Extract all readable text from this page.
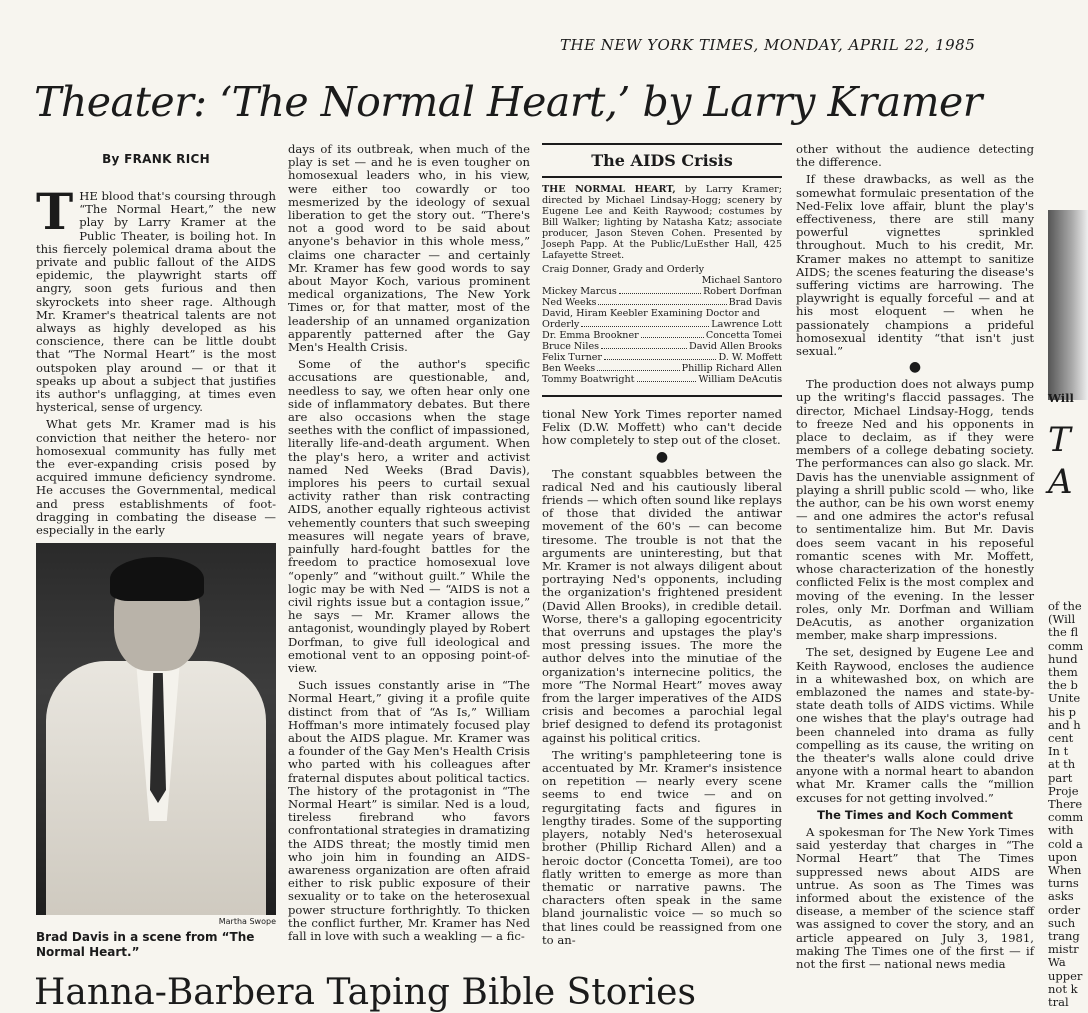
THE NEW YORK TIMES, MONDAY, APRIL 22, 1985
Theater: ‘The Normal Heart,’ by Larry Kramer
By FRANK RICH

THE blood that's coursing through “The Normal Heart,” the new play by Larry Kramer at the Public Theater, is boiling hot. In this fiercely polemical drama about the private and public fallout of the AIDS epidemic, the playwright starts off angry, soon gets furious and then skyrockets into sheer rage. Although Mr. Kramer's theatrical talents are not always as highly developed as his conscience, there can be little doubt that “The Normal Heart” is the most outspoken play around — or that it speaks up about a subject that justifies its author's unflagging, at times even hysterical, sense of urgency.

What gets Mr. Kramer mad is his conviction that neither the hetero- nor homosexual community has fully met the ever-expanding crisis posed by acquired immune deficiency syndrome. He accuses the Governmental, medical and press establishments of foot-dragging in combating the disease — especially in the early

Martha Swope
Brad Davis in a scene from “The Normal Heart.”

days of its outbreak, when much of the play is set — and he is even tougher on homosexual leaders who, in his view, were either too cowardly or too mesmerized by the ideology of sexual liberation to get the story out. “There's not a good word to be said about anyone's behavior in this whole mess,” claims one character — and certainly Mr. Kramer has few good words to say about Mayor Koch, various prominent medical organizations, The New York Times or, for that matter, most of the leadership of an unnamed organization apparently patterned after the Gay Men's Health Crisis.

Some of the author's specific accusations are questionable, and, needless to say, we often hear only one side of inflammatory debates. But there are also occasions when the stage seethes with the conflict of impassioned, literally life-and-death argument. When the play's hero, a writer and activist named Ned Weeks (Brad Davis), implores his peers to curtail sexual activity rather than risk contracting AIDS, another equally righteous activist vehemently counters that such sweeping measures will negate years of brave, painfully hard-fought battles for the freedom to practice homosexual love “openly” and “without guilt.” While the logic may be with Ned — “AIDS is not a civil rights issue but a contagion issue,” he says — Mr. Kramer allows the antagonist, woundingly played by Robert Dorfman, to give full ideological and emotional vent to an opposing point-of-view.

Such issues constantly arise in “The Normal Heart,” giving it a profile quite distinct from that of “As Is,” William Hoffman's more intimately focused play about the AIDS plague. Mr. Kramer was a founder of the Gay Men's Health Crisis who parted with his colleagues after fraternal disputes about political tactics. The history of the protagonist in “The Normal Heart” is similar. Ned is a loud, tireless firebrand who favors confrontational strategies in dramatizing the AIDS threat; the mostly timid men who join him in founding an AIDS-awareness organization are often afraid either to risk public exposure of their sexuality or to take on the heterosexual power structure forthrightly. To thicken the conflict further, Mr. Kramer has Ned fall in love with such a weakling — a fic-

The AIDS Crisis
THE NORMAL HEART, by Larry Kramer; directed by Michael Lindsay-Hogg; scenery by Eugene Lee and Keith Raywood; costumes by Bill Walker; lighting by Natasha Katz; associate producer, Jason Steven Cohen. Presented by Joseph Papp. At the Public/LuEsther Hall, 425 Lafayette Street.
Craig Donner, Grady and Orderly
Michael Santoro
Mickey Marcus	Robert Dorfman
Ned Weeks	Brad Davis
David, Hiram Keebler Examining Doctor and
Orderly	Lawrence Lott
Dr. Emma Brookner	Concetta Tomei
Bruce Niles	David Allen Brooks
Felix Turner	D. W. Moffett
Ben Weeks	Phillip Richard Allen
Tommy Boatwright	William DeAcutis

tional New York Times reporter named Felix (D.W. Moffett) who can't decide how completely to step out of the closet.

●

The constant squabbles between the radical Ned and his cautiously liberal friends — which often sound like replays of those that divided the antiwar movement of the 60's — can become tiresome. The trouble is not that the arguments are uninteresting, but that Mr. Kramer is not always diligent about portraying Ned's opponents, including the organization's frightened president (David Allen Brooks), in credible detail. Worse, there's a galloping egocentricity that overruns and upstages the play's most pressing issues. The more the author delves into the minutiae of the organization's internecine politics, the more “The Normal Heart” moves away from the larger imperatives of the AIDS crisis and becomes a parochial legal brief designed to defend its protagonist against his political critics.

The writing's pamphleteering tone is accentuated by Mr. Kramer's insistence on repetition — nearly every scene seems to end twice — and on regurgitating facts and figures in lengthy tirades. Some of the supporting players, notably Ned's heterosexual brother (Phillip Richard Allen) and a heroic doctor (Concetta Tomei), are too flatly written to emerge as more than thematic or narrative pawns. The characters often speak in the same bland journalistic voice — so much so that lines could be reassigned from one to an-

other without the audience detecting the difference.

If these drawbacks, as well as the somewhat formulaic presentation of the Ned-Felix love affair, blunt the play's effectiveness, there are still many powerful vignettes sprinkled throughout. Much to his credit, Mr. Kramer makes no attempt to sanitize AIDS; the scenes featuring the disease's suffering victims are harrowing. The playwright is equally forceful — and at his most eloquent — when he passionately champions a prideful homosexual identity “that isn't just sexual.”

●

The production does not always pump up the writing's flaccid passages. The director, Michael Lindsay-Hogg, tends to freeze Ned and his opponents in place to declaim, as if they were members of a college debating society. The performances can also go slack. Mr. Davis has the unenviable assignment of playing a shrill public scold — who, like the author, can be his own worst enemy — and one admires the actor's refusal to sentimentalize him. But Mr. Davis does seem vacant in his reposeful romantic scenes with Mr. Moffett, whose characterization of the honestly conflicted Felix is the most complex and moving of the evening. In the lesser roles, only Mr. Dorfman and William DeAcutis, as another organization member, make sharp impressions.

The set, designed by Eugene Lee and Keith Raywood, encloses the audience in a whitewashed box, on which are emblazoned the names and state-by-state death tolls of AIDS victims. While one wishes that the play's outrage had been channeled into drama as fully compelling as its cause, the writing on the theater's walls alone could drive anyone with a normal heart to abandon what Mr. Kramer calls the “million excuses for not getting involved.”

The Times and Koch Comment

A spokesman for The New York Times said yesterday that charges in “The Normal Heart” that The Times suppressed news about AIDS are untrue. As soon as The Times was informed about the existence of the disease, a member of the science staff was assigned to cover the story, and an article appeared on July 3, 1981, making The Times one of the first — if not the first — national news media

Hanna-Barbera Taping Bible Stories
Will
T
A
of the
(Will
the fl
comm
hund
them
the b
Unite
his p
and h
cent
In t
at th
part
Proje
There
comm
with
cold a
upon
When
turns
asks
order
such
trang
mistr
Wa
upper
not k
tral
